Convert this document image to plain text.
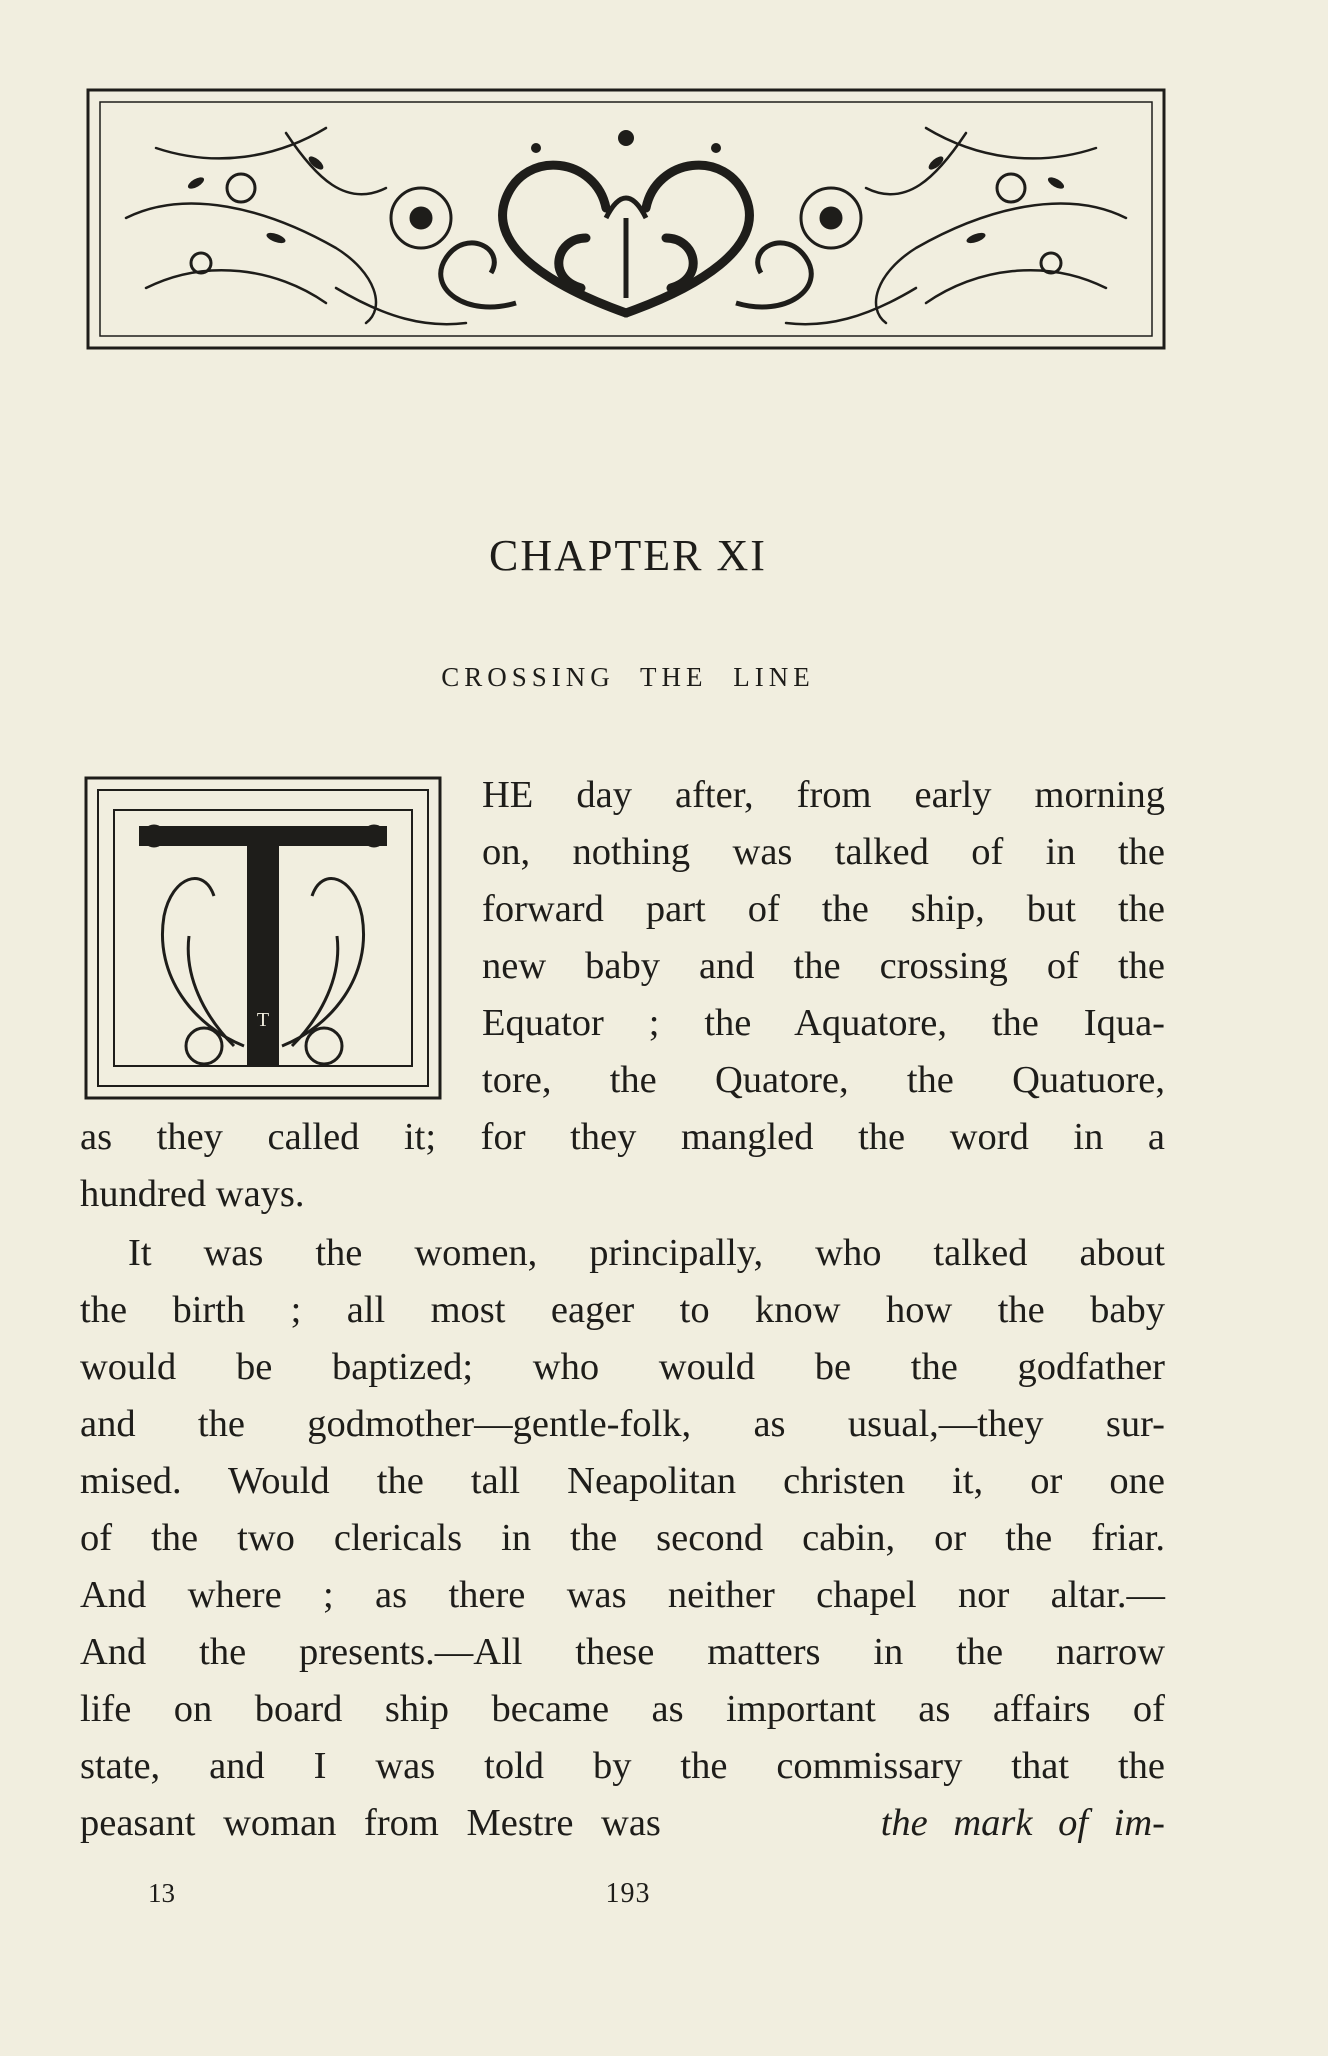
CHAPTER XI
CROSSING THE LINE
T
HE day after, from early morning
on, nothing was talked of in the
forward part of the ship, but the
new baby and the crossing of the
Equator ; the Aquatore, the Iqua-
tore, the Quatore, the Quatuore,
as they called it; for they mangled the word in a
hundred ways.
It was the women, principally, who talked about
the birth ; all most eager to know how the baby
would be baptized; who would be the godfather
and the godmother—gentle-folk, as usual,—they sur-
mised. Would the tall Neapolitan christen it, or one
of the two clericals in the second cabin, or the friar.
And where ; as there was neither chapel nor altar.—
And the presents.—All these matters in the narrow
life on board ship became as important as affairs of
state, and I was told by the commissary that the
peasant woman from Mestre was	the mark of im-
13	193
